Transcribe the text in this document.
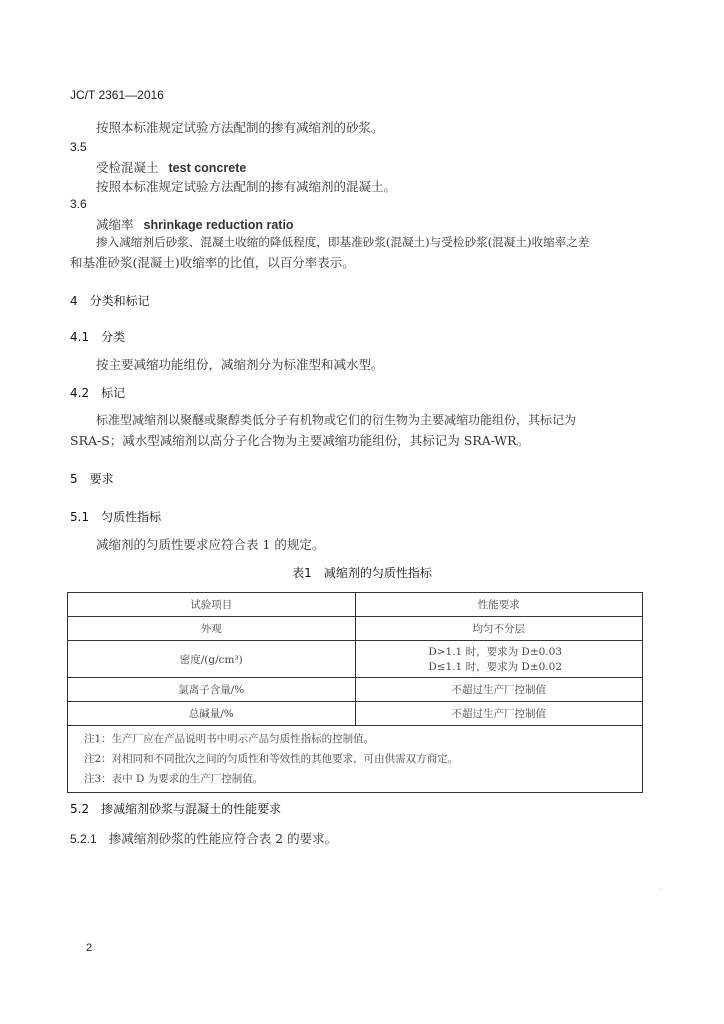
JC/T 2361—2016
按照本标准规定试验方法配制的掺有减缩剂的砂浆。
3.5
受检混凝土 test concrete
按照本标准规定试验方法配制的掺有减缩剂的混凝土。
3.6
减缩率 shrinkage reduction ratio
掺入减缩剂后砂浆、混凝土收缩的降低程度，即基准砂浆(混凝土)与受检砂浆(混凝土)收缩率之差
和基准砂浆(混凝土)收缩率的比值，以百分率表示。
4 分类和标记
4.1 分类
按主要减缩功能组份，减缩剂分为标准型和减水型。
4.2 标记
标准型减缩剂以聚醚或聚醇类低分子有机物或它们的衍生物为主要减缩功能组份，其标记为
SRA-S；减水型减缩剂以高分子化合物为主要减缩功能组份，其标记为 SRA-WR。
5 要求
5.1 匀质性指标
减缩剂的匀质性要求应符合表 1 的规定。
表1 减缩剂的匀质性指标
试验项目	性能要求
外观	均匀不分层
密度/(g/cm³)	D>1.1 时，要求为 D±0.03
D≤1.1 时，要求为 D±0.02

氯离子含量/%	不超过生产厂控制值
总碱量/%	不超过生产厂控制值

注1：生产厂应在产品说明书中明示产品匀质性指标的控制值。
注2：对相同和不同批次之间的匀质性和等效性的其他要求，可由供需双方商定。
注3：表中 D 为要求的生产厂控制值。	
5.2 掺减缩剂砂浆与混凝土的性能要求
5.2.1 掺减缩剂砂浆的性能应符合表 2 的要求。
·
2
